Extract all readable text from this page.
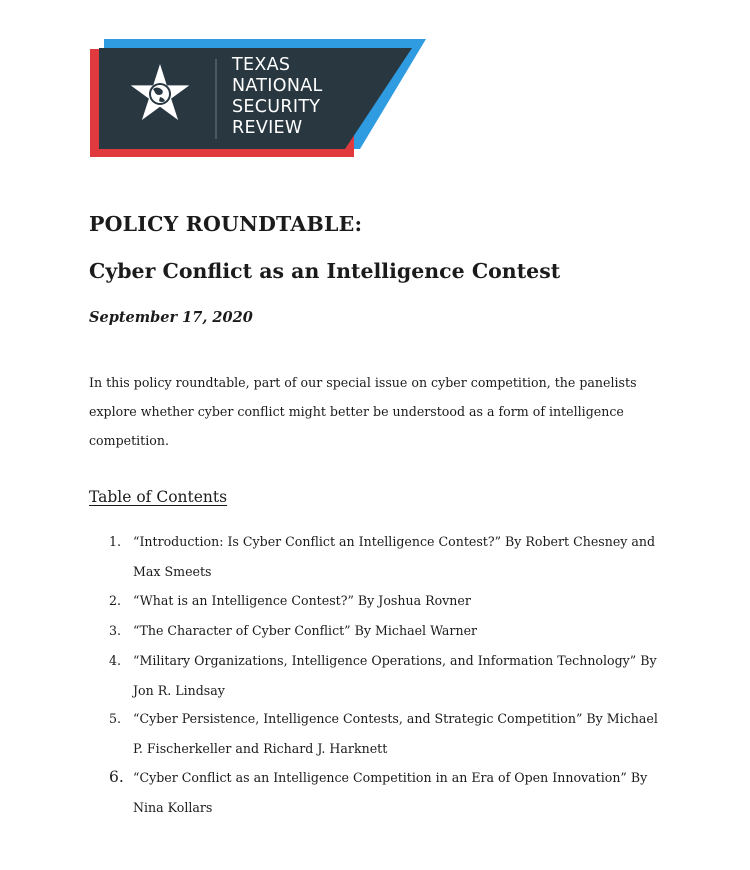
TEXAS
NATIONAL
SECURITY
REVIEW
POLICY ROUNDTABLE:
Cyber Conflict as an Intelligence Contest
September 17, 2020

In this policy roundtable, part of our special issue on cyber competition, the panelists explore whether cyber conflict might better be understood as a form of intelligence competition.

Table of Contents
1. “Introduction: Is Cyber Conflict an Intelligence Contest?” By Robert Chesney and Max Smeets
2. “What is an Intelligence Contest?” By Joshua Rovner
3. “The Character of Cyber Conflict” By Michael Warner
4. “Military Organizations, Intelligence Operations, and Information Technology” By Jon R. Lindsay
5. “Cyber Persistence, Intelligence Contests, and Strategic Competition” By Michael P. Fischerkeller and Richard J. Harknett
6. “Cyber Conflict as an Intelligence Competition in an Era of Open Innovation” By Nina Kollars
